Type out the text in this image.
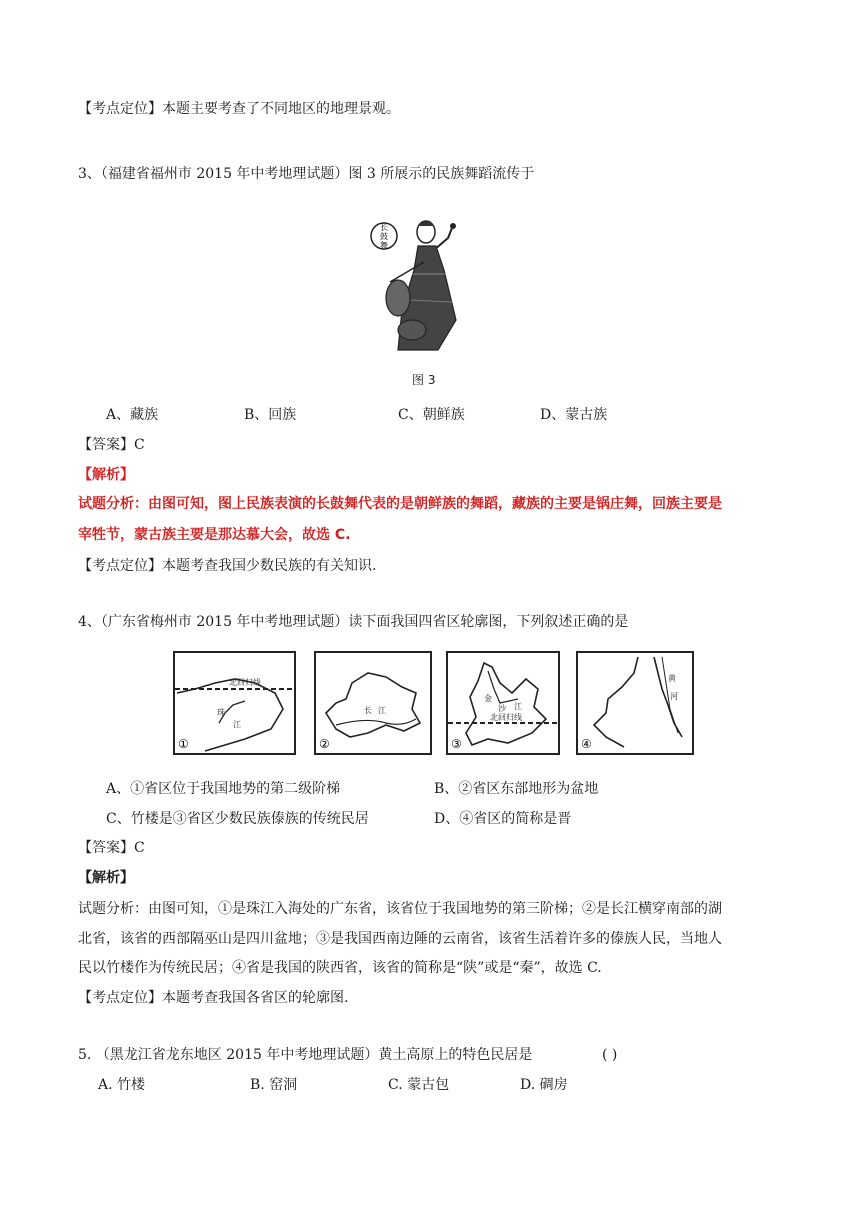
【考点定位】本题主要考查了不同地区的地理景观。
3、（福建省福州市 2015 年中考地理试题）图 3 所展示的民族舞蹈流传于
长
鼓
舞
图 3
A、藏族	B、回族	C、朝鲜族	D、蒙古族
【答案】C
【解析】
试题分析：由图可知，图上民族表演的长鼓舞代表的是朝鲜族的舞蹈，藏族的主要是锅庄舞，回族主要是
宰牲节，蒙古族主要是那达慕大会，故选 C.
【考点定位】本题考查我国少数民族的有关知识.
4、（广东省梅州市 2015 年中考地理试题）读下面我国四省区轮廓图，下列叙述正确的是
北回归线
珠
江
①
长 江
②
金
沙 江
北回归线
③
黄
河
④
A、①省区位于我国地势的第二级阶梯	B、②省区东部地形为盆地
C、竹楼是③省区少数民族傣族的传统民居	D、④省区的简称是晋
【答案】C
【解析】
试题分析：由图可知，①是珠江入海处的广东省，该省位于我国地势的第三阶梯；②是长江横穿南部的湖
北省，该省的西部隔巫山是四川盆地；③是我国西南边陲的云南省，该省生活着许多的傣族人民，当地人
民以竹楼作为传统民居；④省是我国的陕西省，该省的简称是“陕”或是“秦”，故选 C.
【考点定位】本题考查我国各省区的轮廓图.
5. （黑龙江省龙东地区 2015 年中考地理试题）黄土高原上的特色民居是	( )
A. 竹楼	B. 窑洞	C. 蒙古包	D. 碉房
